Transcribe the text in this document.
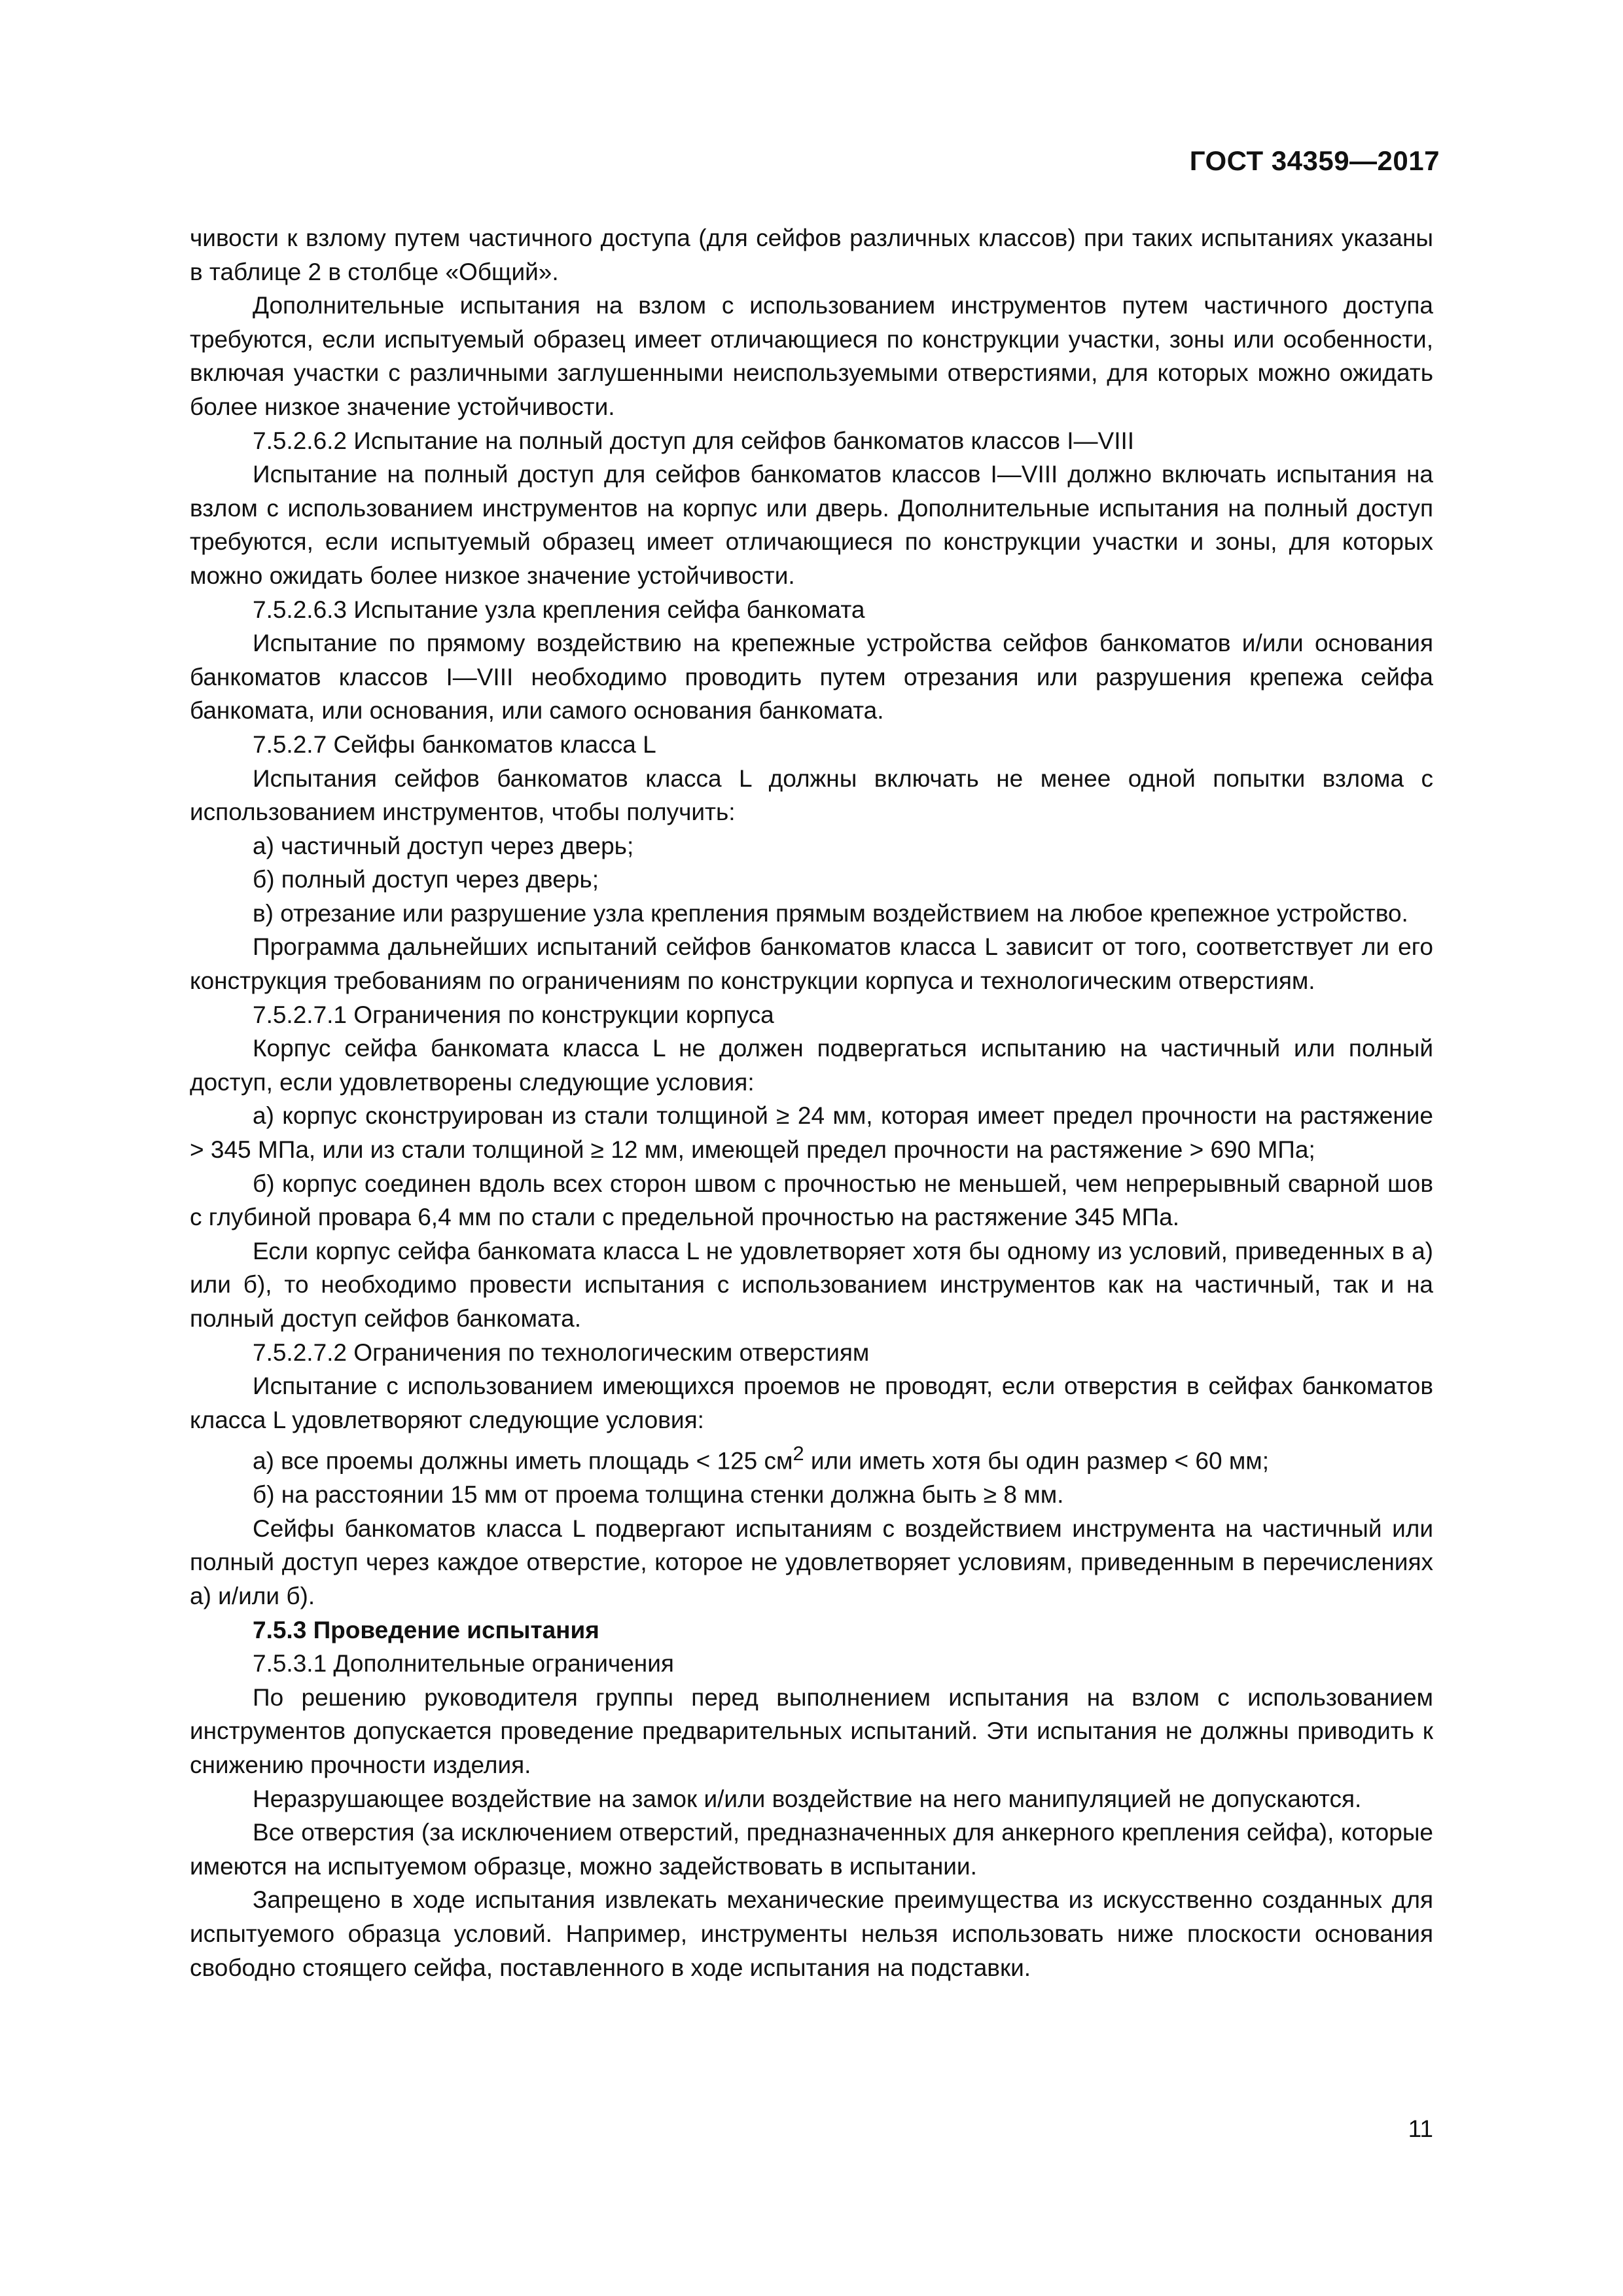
ГОСТ 34359—2017

чивости к взлому путем частичного доступа (для сейфов различных классов) при таких испытаниях указаны в таблице 2 в столбце «Общий».

Дополнительные испытания на взлом с использованием инструментов путем частичного доступа требуются, если испытуемый образец имеет отличающиеся по конструкции участки, зоны или особенности, включая участки с различными заглушенными неиспользуемыми отверстиями, для которых можно ожидать более низкое значение устойчивости.

7.5.2.6.2 Испытание на полный доступ для сейфов банкоматов классов I—VIII

Испытание на полный доступ для сейфов банкоматов классов I—VIII должно включать испытания на взлом с использованием инструментов на корпус или дверь. Дополнительные испытания на полный доступ требуются, если испытуемый образец имеет отличающиеся по конструкции участки и зоны, для которых можно ожидать более низкое значение устойчивости.

7.5.2.6.3 Испытание узла крепления сейфа банкомата

Испытание по прямому воздействию на крепежные устройства сейфов банкоматов и/или основания банкоматов классов I—VIII необходимо проводить путем отрезания или разрушения крепежа сейфа банкомата, или основания, или самого основания банкомата.

7.5.2.7 Сейфы банкоматов класса L

Испытания сейфов банкоматов класса L должны включать не менее одной попытки взлома с использованием инструментов, чтобы получить:

а) частичный доступ через дверь;

б) полный доступ через дверь;

в) отрезание или разрушение узла крепления прямым воздействием на любое крепежное устройство.

Программа дальнейших испытаний сейфов банкоматов класса L зависит от того, соответствует ли его конструкция требованиям по ограничениям по конструкции корпуса и технологическим отверстиям.

7.5.2.7.1 Ограничения по конструкции корпуса

Корпус сейфа банкомата класса L не должен подвергаться испытанию на частичный или полный доступ, если удовлетворены следующие условия:

а) корпус сконструирован из стали толщиной ≥ 24 мм, которая имеет предел прочности на растяжение > 345 МПа, или из стали толщиной ≥ 12 мм, имеющей предел прочности на растяжение > 690 МПа;

б) корпус соединен вдоль всех сторон швом с прочностью не меньшей, чем непрерывный сварной шов с глубиной провара 6,4 мм по стали с предельной прочностью на растяжение 345 МПа.

Если корпус сейфа банкомата класса L не удовлетворяет хотя бы одному из условий, приведенных в а) или б), то необходимо провести испытания с использованием инструментов как на частичный, так и на полный доступ сейфов банкомата.

7.5.2.7.2 Ограничения по технологическим отверстиям

Испытание с использованием имеющихся проемов не проводят, если отверстия в сейфах банкоматов класса L удовлетворяют следующие условия:

а) все проемы должны иметь площадь < 125 $см^2$ или иметь хотя бы один размер < 60 мм;

б) на расстоянии 15 мм от проема толщина стенки должна быть ≥ 8 мм.

Сейфы банкоматов класса L подвергают испытаниям с воздействием инструмента на частичный или полный доступ через каждое отверстие, которое не удовлетворяет условиям, приведенным в перечислениях а) и/или б).

7.5.3 Проведение испытания

7.5.3.1 Дополнительные ограничения

По решению руководителя группы перед выполнением испытания на взлом с использованием инструментов допускается проведение предварительных испытаний. Эти испытания не должны приводить к снижению прочности изделия.

Неразрушающее воздействие на замок и/или воздействие на него манипуляцией не допускаются.

Все отверстия (за исключением отверстий, предназначенных для анкерного крепления сейфа), которые имеются на испытуемом образце, можно задействовать в испытании.

Запрещено в ходе испытания извлекать механические преимущества из искусственно созданных для испытуемого образца условий. Например, инструменты нельзя использовать ниже плоскости основания свободно стоящего сейфа, поставленного в ходе испытания на подставки.

11
